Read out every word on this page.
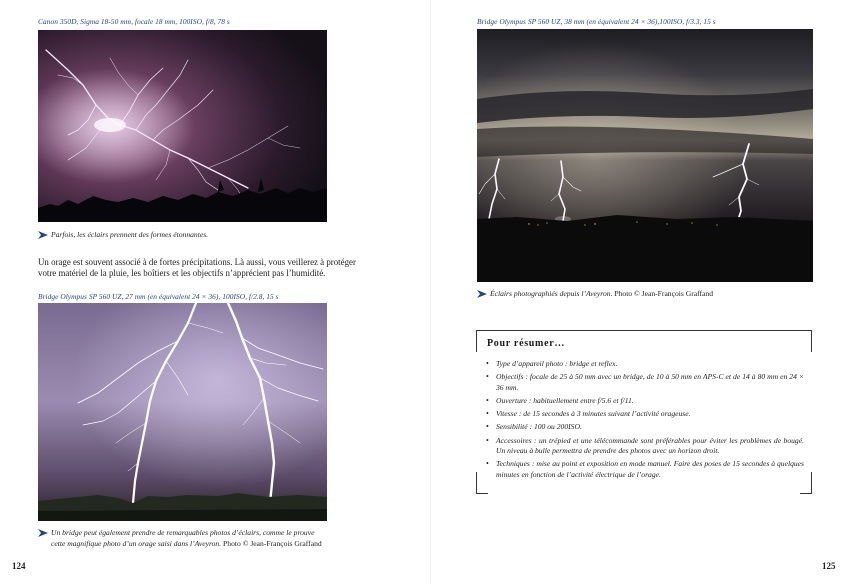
Canon 350D, Sigma 18-50 mm, focale 18 mm, 100ISO, f/8, 78 s
Parfois, les éclairs prennent des formes étonnantes.
Un orage est souvent associé à de fortes précipitations. Là aussi, vous veillerez à protéger
votre matériel de la pluie, les boîtiers et les objectifs n’apprécient pas l’humidité.
Bridge Olympus SP 560 UZ, 27 mm (en équivalent 24 × 36), 100ISO, f/2.8, 15 s
Un bridge peut également prendre de remarquables photos d’éclairs, comme le prouve
cette magnifique photo d’un orage saisi dans l’Aveyron. Photo © Jean-François Graffand
124
Bridge Olympus SP 560 UZ, 38 mm (en équivalent 24 × 36),100ISO, f/3.3, 15 s
Éclairs photographiés depuis l’Aveyron. Photo © Jean-François Graffand
Pour résumer…
• Type d’appareil photo : bridge et reflex.
• Objectifs : focale de 25 à 50 mm avec un bridge, de 10 à 50 mm en APS-C et de 14 à 80 mm en 24 × 36 mm.
• Ouverture : habituellement entre f/5.6 et f/11.
• Vitesse : de 15 secondes à 3 minutes suivant l’activité orageuse.
• Sensibilité : 100 ou 200ISO.
• Accessoires : un trépied et une télécommande sont préférables pour éviter les problèmes de bougé. Un niveau à bulle permettra de prendre des photos avec un horizon droit.
• Techniques : mise au point et exposition en mode manuel. Faire des poses de 15 secondes à quelques minutes en fonction de l’activité électrique de l’orage.
125
